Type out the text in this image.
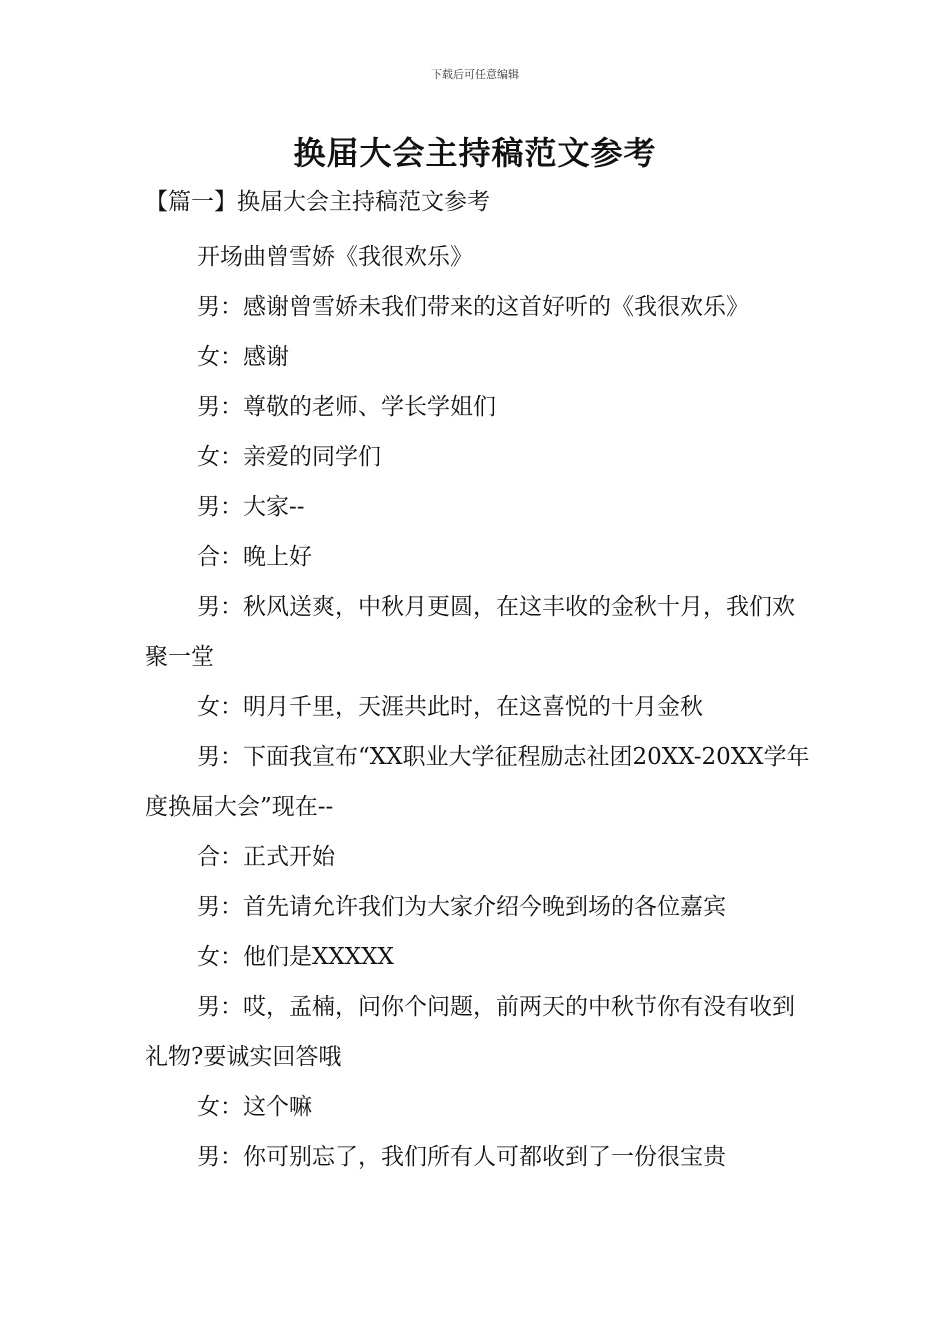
下载后可任意编辑
换届大会主持稿范文参考
【篇一】换届大会主持稿范文参考

开场曲曾雪娇《我很欢乐》

男：感谢曾雪娇未我们带来的这首好听的《我很欢乐》

女：感谢

男：尊敬的老师、学长学姐们

女：亲爱的同学们

男：大家--

合：晚上好

男：秋风送爽，中秋月更圆，在这丰收的金秋十月，我们欢聚一堂

女：明月千里，天涯共此时，在这喜悦的十月金秋

男：下面我宣布“XX职业大学征程励志社团20XX-20XX学年度换届大会”现在--

合：正式开始

男：首先请允许我们为大家介绍今晚到场的各位嘉宾

女：他们是XXXXX

男：哎，孟楠，问你个问题，前两天的中秋节你有没有收到礼物?要诚实回答哦

女：这个嘛

男：你可别忘了，我们所有人可都收到了一份很宝贵
